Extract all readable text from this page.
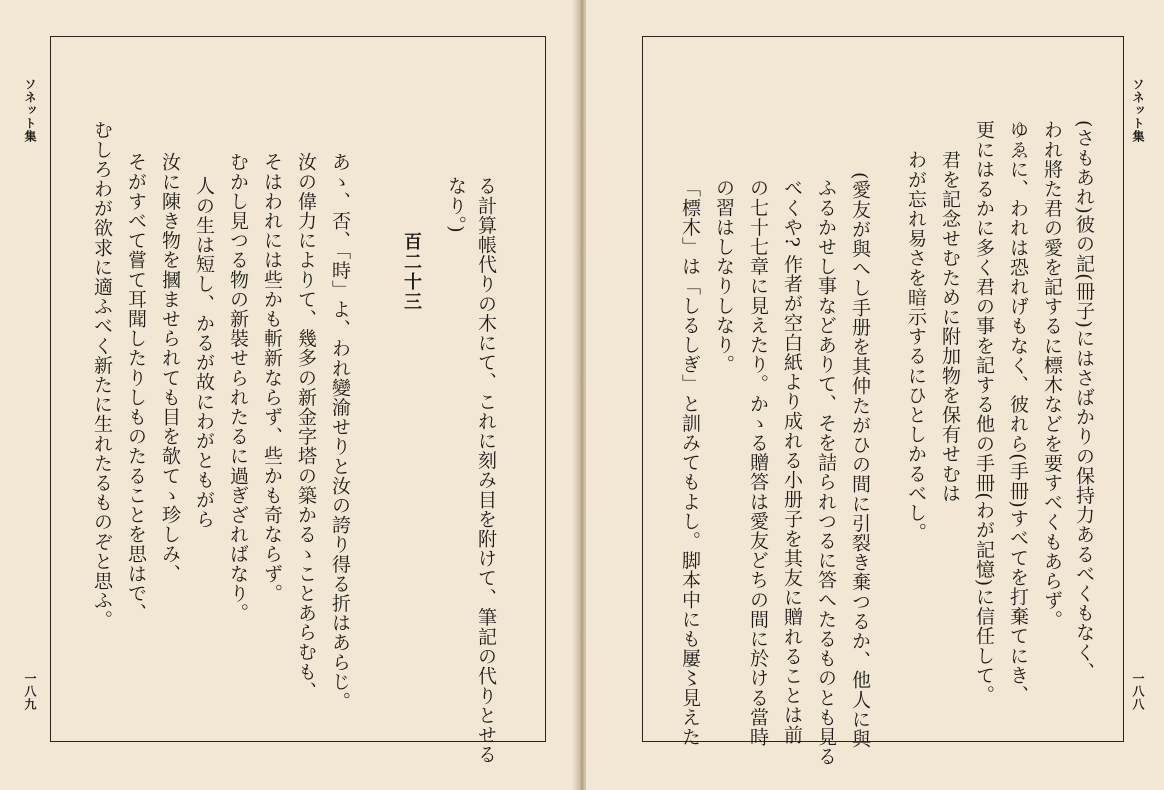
ソネット集
一八九	る計算帳代りの木にて、これに刻み目を附けて、筆記の代りとせる
なり。)
百二十三
あゝ、否、「時」よ、われ變渝せりと汝の誇り得る折はあらじ。
汝の偉力によりて、幾多の新金字塔の築かるゝことあらむも、
そはわれには些かも斬新ならず、些かも奇ならず。
むかし見つる物の新裝せられたるに過ぎざればなり。
人の生は短し、かるが故にわがともがら
汝に陳き物を摑ませられても目を欹てゝ珍しみ、
そがすべて嘗て耳聞したりしものたることを思はで、
むしろわが欲求に適ふべく新たに生れたるものぞと思ふ。
ソネット集
一八八
(さもあれ)彼の記(冊子)にはさばかりの保持力あるべくもなく、
われ將た君の愛を記するに標木などを要すべくもあらず。
ゆゑに、われは恐れげもなく、彼れら(手冊)すべてを打棄てにき、
更にはるかに多く君の事を記する他の手冊(わが記憶)に信任して。
君を記念せむために附加物を保有せむは
わが忘れ易さを暗示するにひとしかるべし。
(愛友が與へし手册を其仲たがひの間に引裂き棄つるか、他人に與
ふるかせし事などありて、そを詰られつるに答へたるものとも見る
べくや? 作者が空白紙より成れる小册子を其友に贈れることは前
の七十七章に見えたり。かゝる贈答は愛友どちの間に於ける當時
の習はしなりしなり。
「標木」は「しるしぎ」と訓みてもよし。脚本中にも屢〻見えた
